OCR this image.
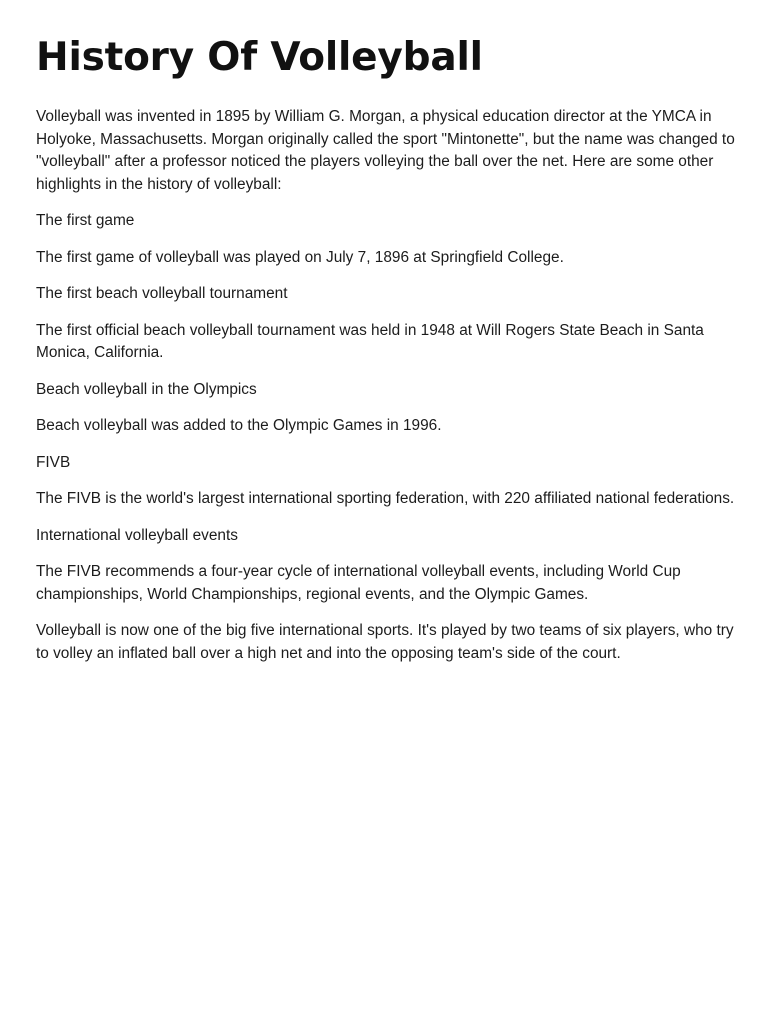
History Of Volleyball

Volleyball was invented in 1895 by William G. Morgan, a physical education director at the YMCA in Holyoke, Massachusetts. Morgan originally called the sport "Mintonette", but the name was changed to "volleyball" after a professor noticed the players volleying the ball over the net. Here are some other highlights in the history of volleyball:

The first game

The first game of volleyball was played on July 7, 1896 at Springfield College.

The first beach volleyball tournament

The first official beach volleyball tournament was held in 1948 at Will Rogers State Beach in Santa Monica, California.

Beach volleyball in the Olympics

Beach volleyball was added to the Olympic Games in 1996.

FIVB

The FIVB is the world's largest international sporting federation, with 220 affiliated national federations.

International volleyball events

The FIVB recommends a four-year cycle of international volleyball events, including World Cup championships, World Championships, regional events, and the Olympic Games.

Volleyball is now one of the big five international sports. It's played by two teams of six players, who try to volley an inflated ball over a high net and into the opposing team's side of the court.
